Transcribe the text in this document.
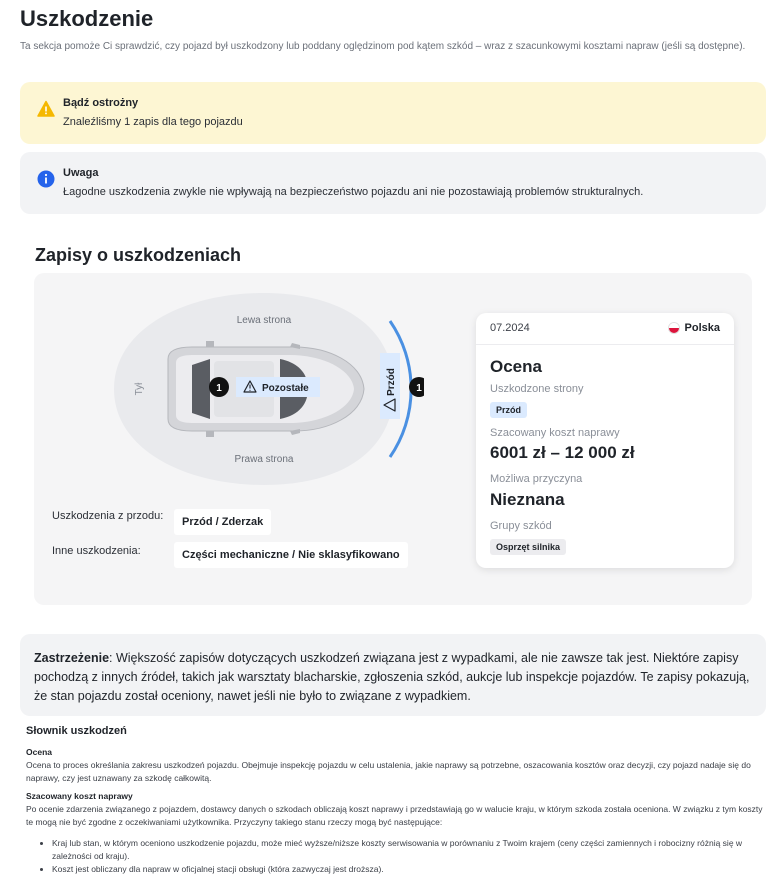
Uszkodzenie
Ta sekcja pomoże Ci sprawdzić, czy pojazd był uszkodzony lub poddany oględzinom pod kątem szkód – wraz z szacunkowymi kosztami napraw (jeśli są dostępne).
Bądź ostrożny
Znaleźliśmy 1 zapis dla tego pojazdu
Uwaga
Łagodne uszkodzenia zwykle nie wpływają na bezpieczeństwo pojazdu ani nie pozostawiają problemów strukturalnych.
Zapisy o uszkodzeniach
Lewa strona
Prawa strona
Tył	1	Pozostałe	Przód 1
Uszkodzenia z przodu:	Przód / Zderzak
Inne uszkodzenia:	Części mechaniczne / Nie sklasyfikowano
07.2024	Polska
Ocena
Uszkodzone strony
Przód
Szacowany koszt naprawy
6001 zł – 12 000 zł
Możliwa przyczyna
Nieznana
Grupy szkód
Osprzęt silnika
Zastrzeżenie: Większość zapisów dotyczących uszkodzeń związana jest z wypadkami, ale nie zawsze tak jest. Niektóre zapisy pochodzą z innych źródeł, takich jak warsztaty blacharskie, zgłoszenia szkód, aukcje lub inspekcje pojazdów. Te zapisy pokazują, że stan pojazdu został oceniony, nawet jeśli nie było to związane z wypadkiem.
Słownik uszkodzeń
Ocena
Ocena to proces określania zakresu uszkodzeń pojazdu. Obejmuje inspekcję pojazdu w celu ustalenia, jakie naprawy są potrzebne, oszacowania kosztów oraz decyzji, czy pojazd nadaje się do naprawy, czy jest uznawany za szkodę całkowitą.
Szacowany koszt naprawy
Po ocenie zdarzenia związanego z pojazdem, dostawcy danych o szkodach obliczają koszt naprawy i przedstawiają go w walucie kraju, w którym szkoda została oceniona. W związku z tym koszty te mogą nie być zgodne z oczekiwaniami użytkownika. Przyczyny takiego stanu rzeczy mogą być następujące:
• Kraj lub stan, w którym oceniono uszkodzenie pojazdu, może mieć wyższe/niższe koszty serwisowania w porównaniu z Twoim krajem (ceny części zamiennych i robocizny różnią się w zależności od kraju).
• Koszt jest obliczany dla napraw w oficjalnej stacji obsługi (która zazwyczaj jest droższa).
